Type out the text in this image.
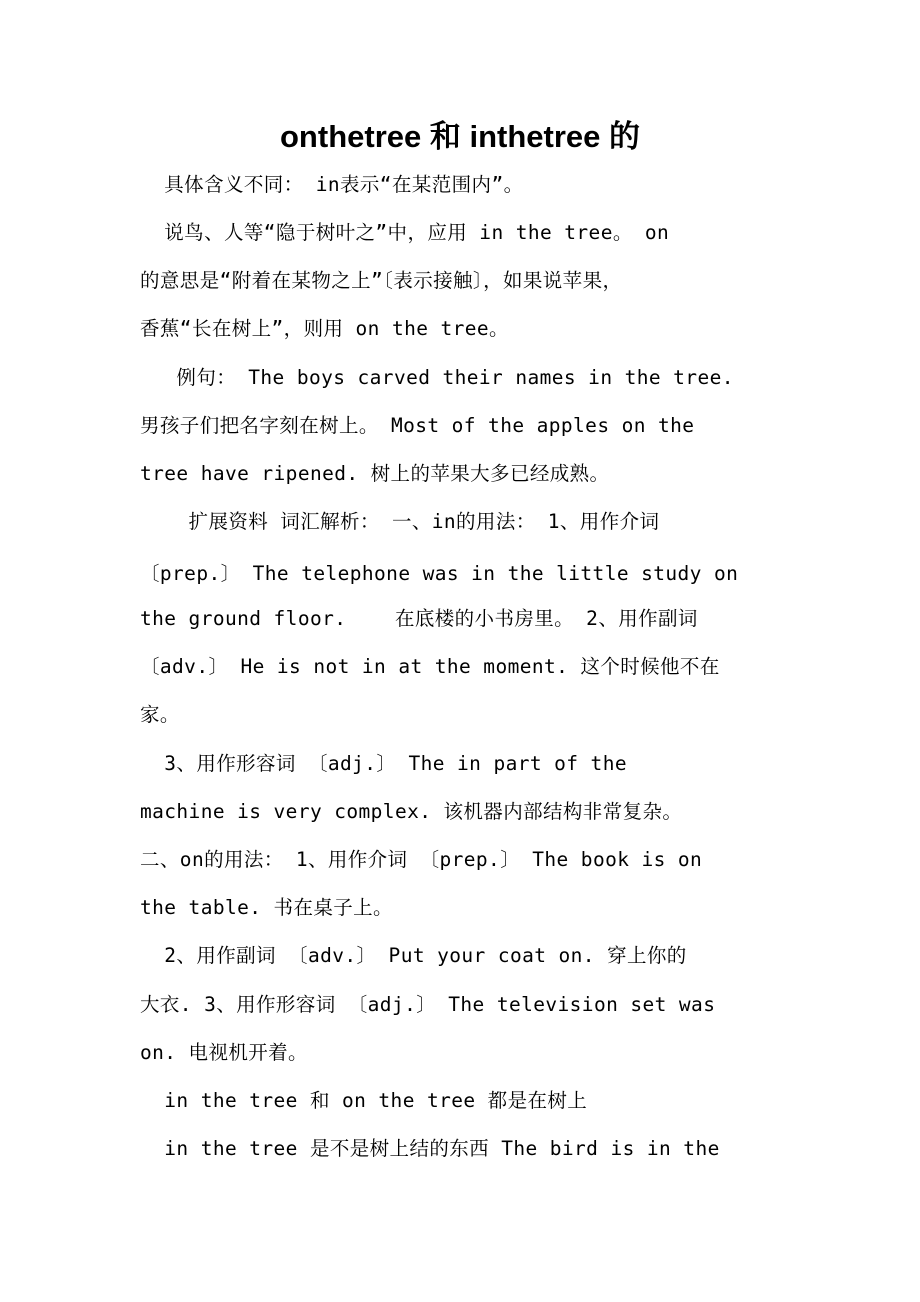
onthetree 和 inthetree 的

具体含义不同： in表示“在某范围内”。

说鸟、人等“隐于树叶之”中，应用 in the tree。 on

的意思是“附着在某物之上”〔表示接触〕，如果说苹果，

香蕉“长在树上”，则用 on the tree。

例句： The boys carved their names in the tree.

男孩子们把名字刻在树上。 Most of the apples on the

tree have ripened. 树上的苹果大多已经成熟。

扩展资料 词汇解析： 一、in的用法： 1、用作介词

〔prep.〕 The telephone was in the little study on

the ground floor.    在底楼的小书房里。 2、用作副词

〔adv.〕 He is not in at the moment. 这个时候他不在

家。

3、用作形容词 〔adj.〕 The in part of the

machine is very complex. 该机器内部结构非常复杂。

二、on的用法： 1、用作介词 〔prep.〕 The book is on

the table. 书在桌子上。

2、用作副词 〔adv.〕 Put your coat on. 穿上你的

大衣. 3、用作形容词 〔adj.〕 The television set was

on. 电视机开着。

in the tree 和 on the tree 都是在树上

in the tree 是不是树上结的东西 The bird is in the
